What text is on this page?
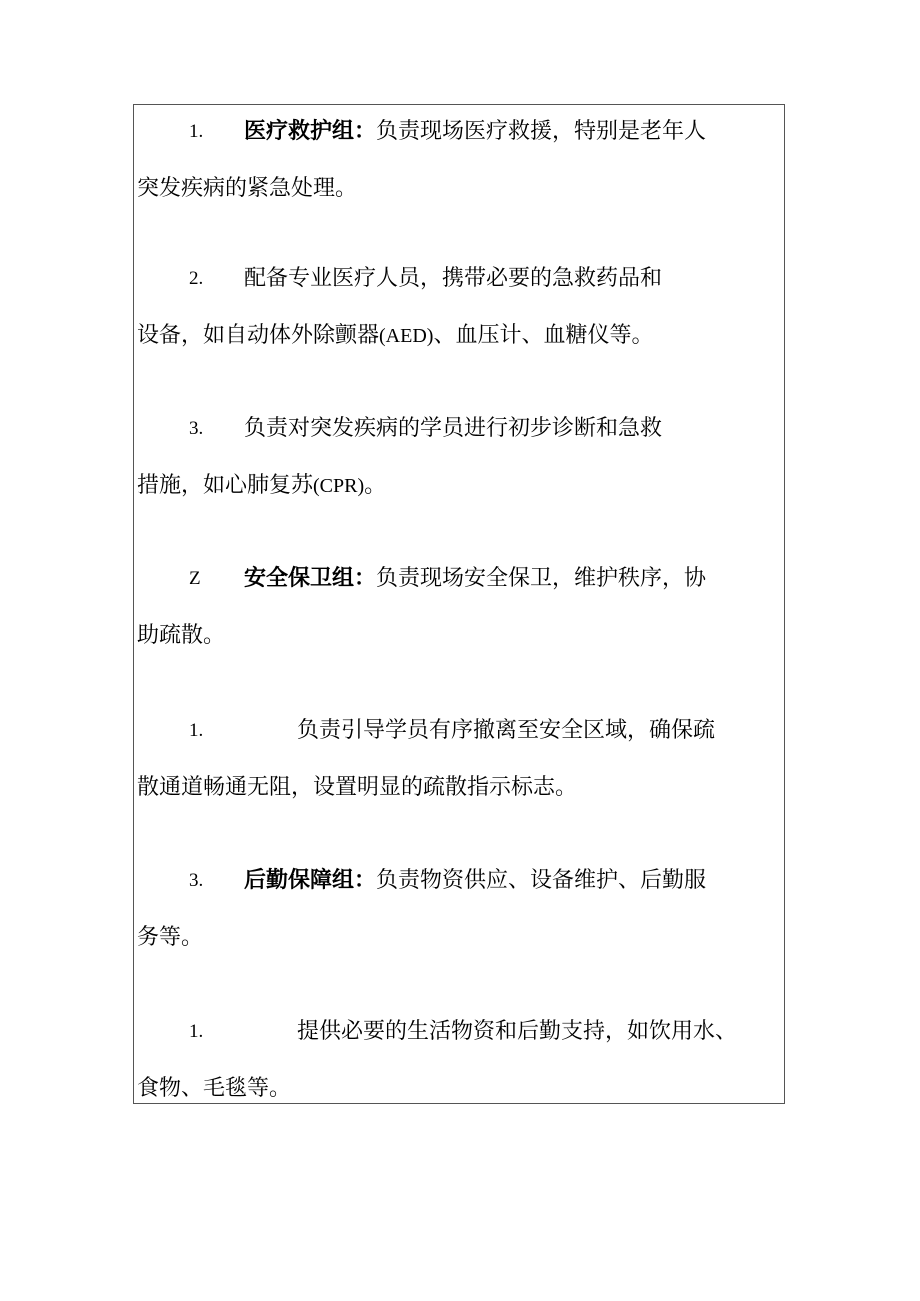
1. 医疗救护组：负责现场医疗救援，特别是老年人
突发疾病的紧急处理。
2. 配备专业医疗人员，携带必要的急救药品和
设备，如自动体外除颤器(AED)、血压计、血糖仪等。
3. 负责对突发疾病的学员进行初步诊断和急救
措施，如心肺复苏(CPR)。
Z 安全保卫组：负责现场安全保卫，维护秩序，协
助疏散。
1.	负责引导学员有序撤离至安全区域，确保疏
散通道畅通无阻，设置明显的疏散指示标志。
3. 后勤保障组：负责物资供应、设备维护、后勤服
务等。
1.	提供必要的生活物资和后勤支持，如饮用水、
食物、毛毯等。
